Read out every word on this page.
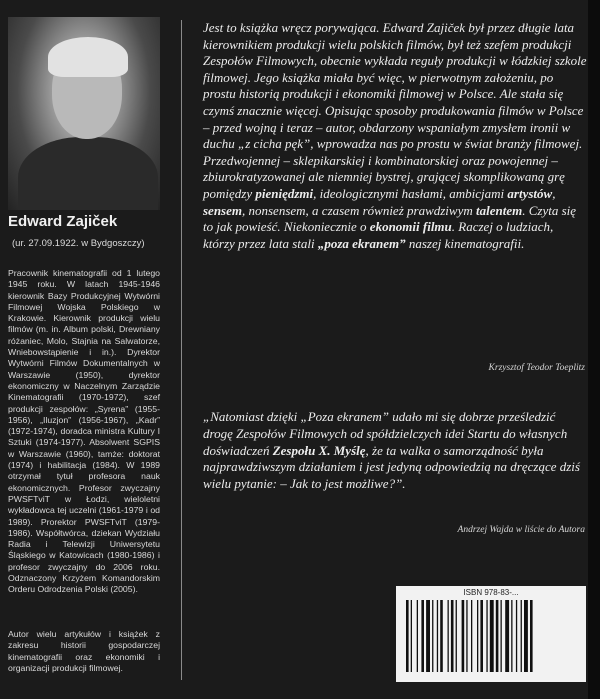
Edward Zajiček
(ur. 27.09.1922. w Bydgoszczy)
Pracownik kinematografii od 1 lutego 1945 roku. W latach 1945-1946 kierownik Bazy Produkcyjnej Wytwórni Filmowej Wojska Polskiego w Krakowie. Kierownik produkcji wielu filmów (m. in. Album polski, Drewniany różaniec, Molo, Stajnia na Salwatorze, Wniebowstąpienie i in.). Dyrektor Wytwórni Filmów Dokumentalnych w Warszawie (1950), dyrektor ekonomiczny w Naczelnym Zarządzie Kinematografii (1970-1972), szef produkcji zespołów: „Syrena” (1955-1956), „Iluzjon” (1956-1967), „Kadr” (1972-1974), doradca ministra Kultury I Sztuki (1974-1977). Absolwent SGPIS w Warszawie (1960), tamże: doktorat (1974) i habilitacja (1984). W 1989 otrzymał tytuł profesora nauk ekonomicznych. Profesor zwyczajny PWSFTviT w Łodzi, wieloletni wykładowca tej uczelni (1961-1979 i od 1989). Prorektor PWSFTviT (1979-1986). Współtwórca, dziekan Wydziału Radia i Telewizji Uniwersytetu Śląskiego w Katowicach (1980-1986) i profesor zwyczajny do 2006 roku. Odznaczony Krzyżem Komandorskim Orderu Odrodzenia Polski (2005).
Autor wielu artykułów i książek z zakresu historii gospodarczej kinematografii oraz ekonomiki i organizacji produkcji filmowej.
Jest to książka wręcz porywająca. Edward Zajiček był przez długie lata kierownikiem produkcji wielu polskich filmów, był też szefem produkcji Zespołów Filmowych, obecnie wykłada reguły produkcji w łódzkiej szkole filmowej. Jego książka miała być więc, w pierwotnym założeniu, po prostu historią produkcji i ekonomiki filmowej w Polsce. Ale stała się czymś znacznie więcej. Opisując sposoby produkowania filmów w Polsce – przed wojną i teraz – autor, obdarzony wspaniałym zmysłem ironii w duchu „z cicha pęk”, wprowadza nas po prostu w świat branży filmowej. Przedwojennej – sklepikarskiej i kombinatorskiej oraz powojennej – zbiurokratyzowanej ale niemniej bystrej, grającej skomplikowaną grę pomiędzy pieniędzmi, ideologicznymi hasłami, ambicjami artystów, sensem, nonsensem, a czasem również prawdziwym talentem. Czyta się to jak powieść. Niekoniecznie o ekonomii filmu. Raczej o ludziach, którzy przez lata stali „poza ekranem” naszej kinematografii.
Krzysztof Teodor Toeplitz
„Natomiast dzięki „Poza ekranem” udało mi się dobrze prześledzić drogę Zespołów Filmowych od spółdzielczych idei Startu do własnych doświadczeń Zespołu X. Myślę, że ta walka o samorządność była najprawdziwszym działaniem i jest jedyną odpowiedzią na dręczące dziś wielu pytanie: – Jak to jest możliwe?”.
Andrzej Wajda w liście do Autora
ISBN 978-83-...
